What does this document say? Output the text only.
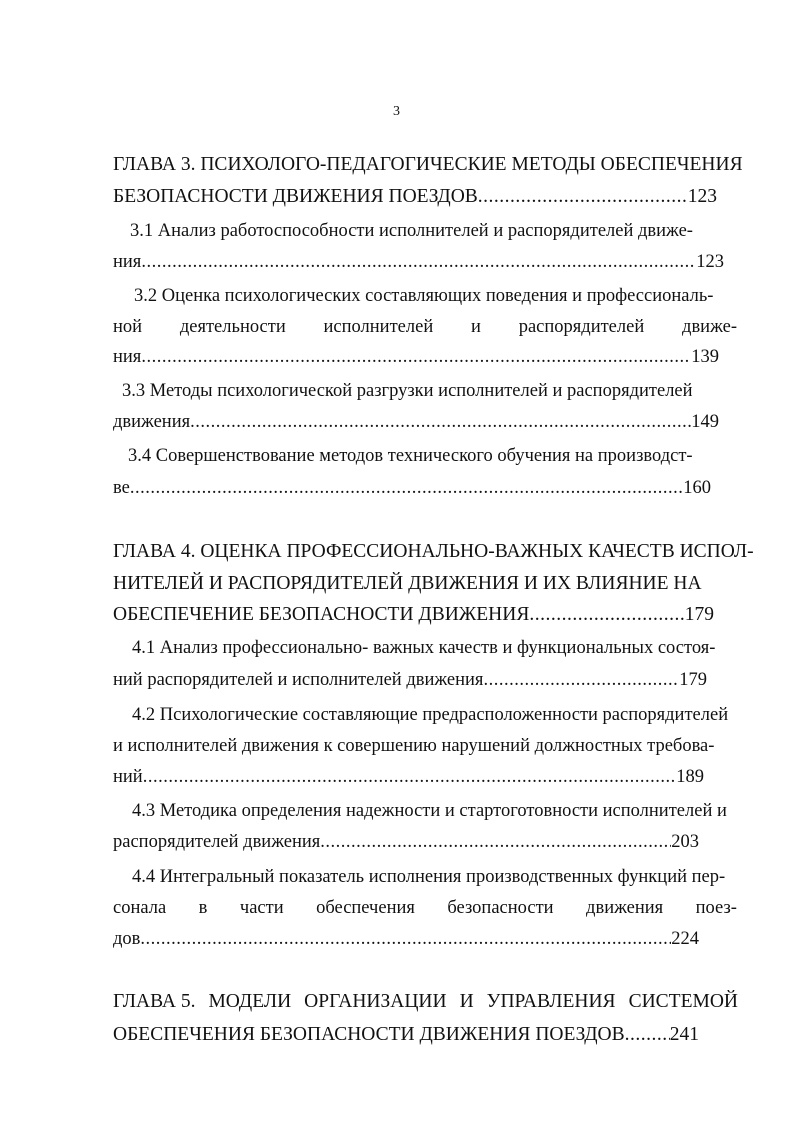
3
ГЛАВА 3. ПСИХОЛОГО-ПЕДАГОГИЧЕСКИЕ МЕТОДЫ ОБЕСПЕЧЕНИЯ
БЕЗОПАСНОСТИ ДВИЖЕНИЯ ПОЕЗДОВ .....	123
3.1 Анализ работоспособности исполнителей и распорядителей движе-
ния .....	123
3.2 Оценка психологических составляющих поведения и профессиональ-
ной деятельности исполнителей и распорядителей движе-
ния .....	139
3.3 Методы психологической разгрузки исполнителей и распорядителей
движения .....	149
3.4 Совершенствование методов технического обучения на производст-
ве .....	160
ГЛАВА 4. ОЦЕНКА ПРОФЕССИОНАЛЬНО-ВАЖНЫХ КАЧЕСТВ ИСПОЛ-
НИТЕЛЕЙ И РАСПОРЯДИТЕЛЕЙ ДВИЖЕНИЯ И ИХ ВЛИЯНИЕ НА
ОБЕСПЕЧЕНИЕ БЕЗОПАСНОСТИ ДВИЖЕНИЯ .....	179
4.1 Анализ профессионально- важных качеств и функциональных состоя-
ний распорядителей и исполнителей движения .....	179
4.2 Психологические составляющие предрасположенности распорядителей
и исполнителей движения к совершению нарушений должностных требова-
ний .....	189
4.3 Методика определения надежности и стартоготовности исполнителей и
распорядителей движения .....	203
4.4 Интегральный показатель исполнения производственных функций пер-
сонала в части обеспечения безопасности движения поез-
дов .....	224
ГЛАВА 5. МОДЕЛИ ОРГАНИЗАЦИИ И УПРАВЛЕНИЯ СИСТЕМОЙ
ОБЕСПЕЧЕНИЯ БЕЗОПАСНОСТИ ДВИЖЕНИЯ ПОЕЗДОВ ..... 241
